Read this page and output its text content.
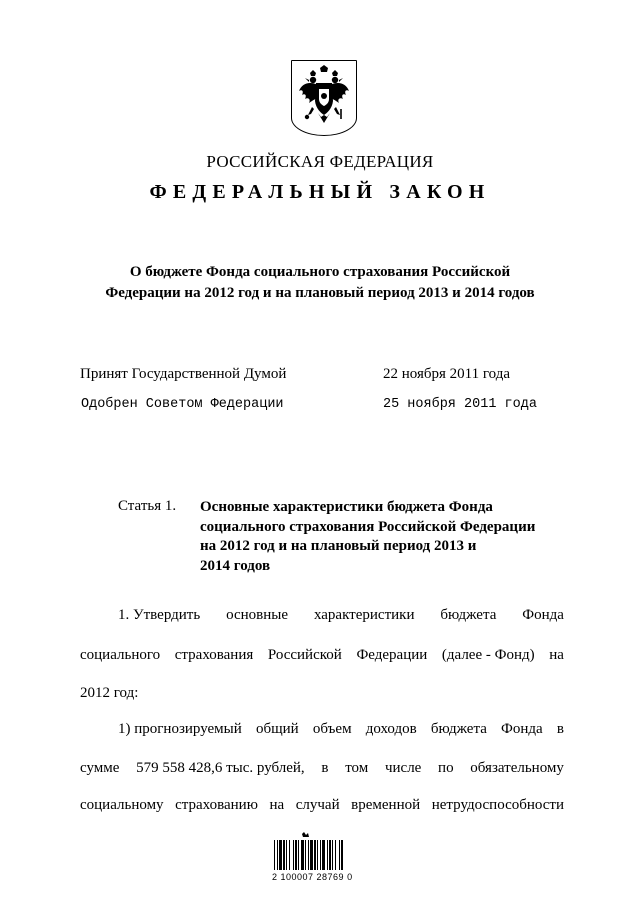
РОССИЙСКАЯ ФЕДЕРАЦИЯ
ФЕДЕРАЛЬНЫЙ ЗАКОН
О бюджете Фонда социального страхования Российской
Федерации на 2012 год и на плановый период 2013 и 2014 годов
Принят Государственной Думой	22 ноября 2011 года
Одобрен Советом Федерации	25 ноября 2011 года
Статья 1. Основные характеристики бюджета Фонда
социального страхования Российской Федерации
на 2012 год и на плановый период 2013 и
2014 годов
1. Утвердить основные характеристики бюджета Фонда
социального страхования Российской Федерации (далее - Фонд) на
2012 год:
1) прогнозируемый общий объем доходов бюджета Фонда в
сумме 579 558 428,6 тыс. рублей, в том числе по обязательному
социальному страхованию на случай временной нетрудоспособности
2 100007 28769 0
